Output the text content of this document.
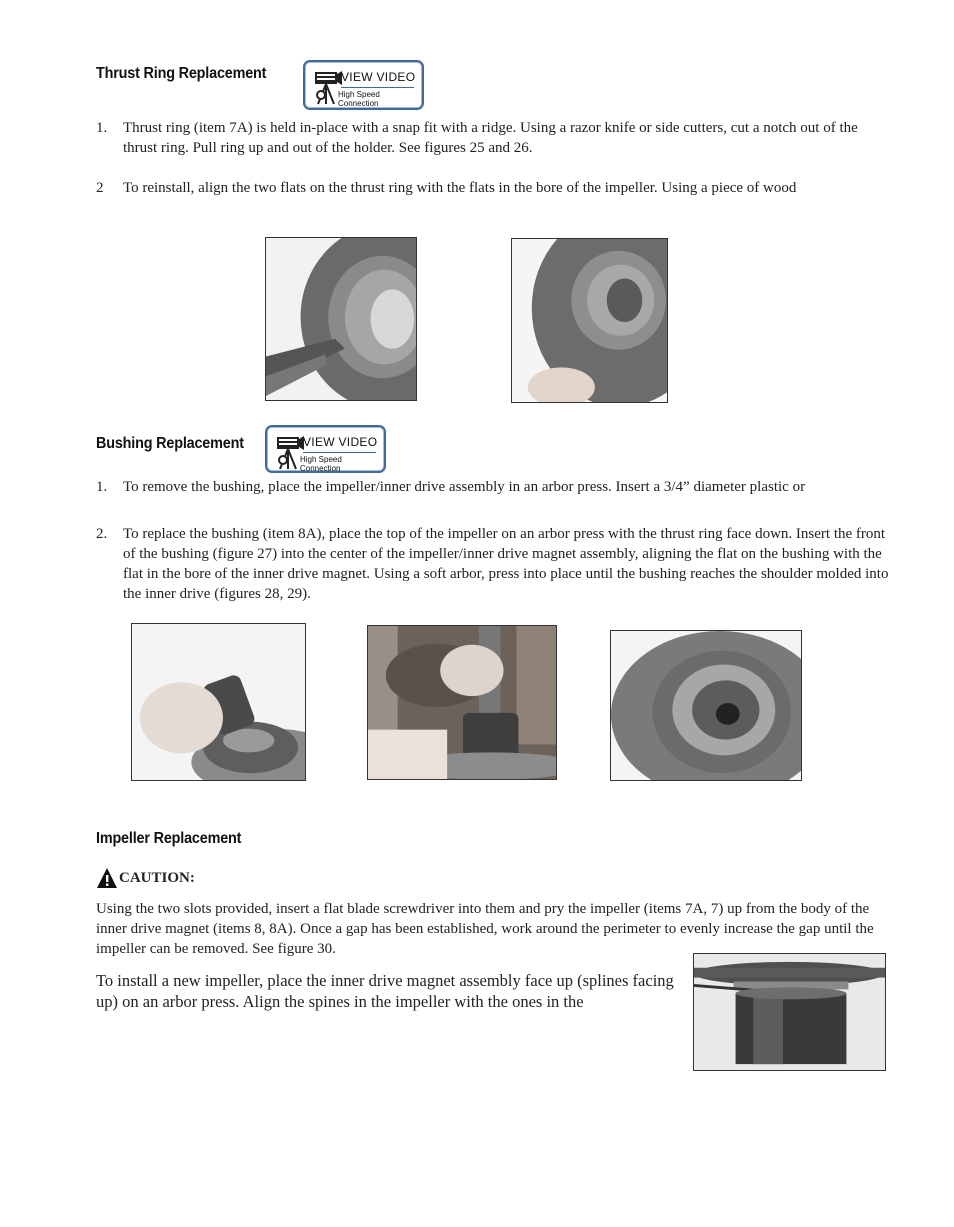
Thrust Ring Replacement	VIEW VIDEO
High Speed Connection
1. Thrust ring (item 7A) is held in-place with a snap fit with a ridge. Using a razor knife or side cutters, cut a notch out of the thrust ring. Pull ring up and out of the holder. See figures 25 and 26.
2 To reinstall, align the two flats on the thrust ring with the flats in the bore of the impeller. Using a piece of wood
Bushing Replacement	VIEW VIDEO
High Speed Connection
1. To remove the bushing, place the impeller/inner drive assembly in an arbor press. Insert a 3/4” diameter plastic or
2. To replace the bushing (item 8A), place the top of the impeller on an arbor press with the thrust ring face down. Insert the front of the bushing (figure 27) into the center of the impeller/inner drive magnet assembly, aligning the flat on the bushing with the flat in the bore of the inner drive magnet. Using a soft arbor, press into place until the bushing reaches the shoulder molded into the inner drive (figures 28, 29).
Impeller Replacement
CAUTION:
Using the two slots provided, insert a flat blade screwdriver into them and pry the impeller (items 7A, 7) up from the body of the inner drive magnet (items 8, 8A). Once a gap has been established, work around the perimeter to evenly increase the gap until the impeller can be removed. See figure 30.
To install a new impeller, place the inner drive magnet assembly face up (splines facing up) on an arbor press. Align the spines in the impeller with the ones in the
